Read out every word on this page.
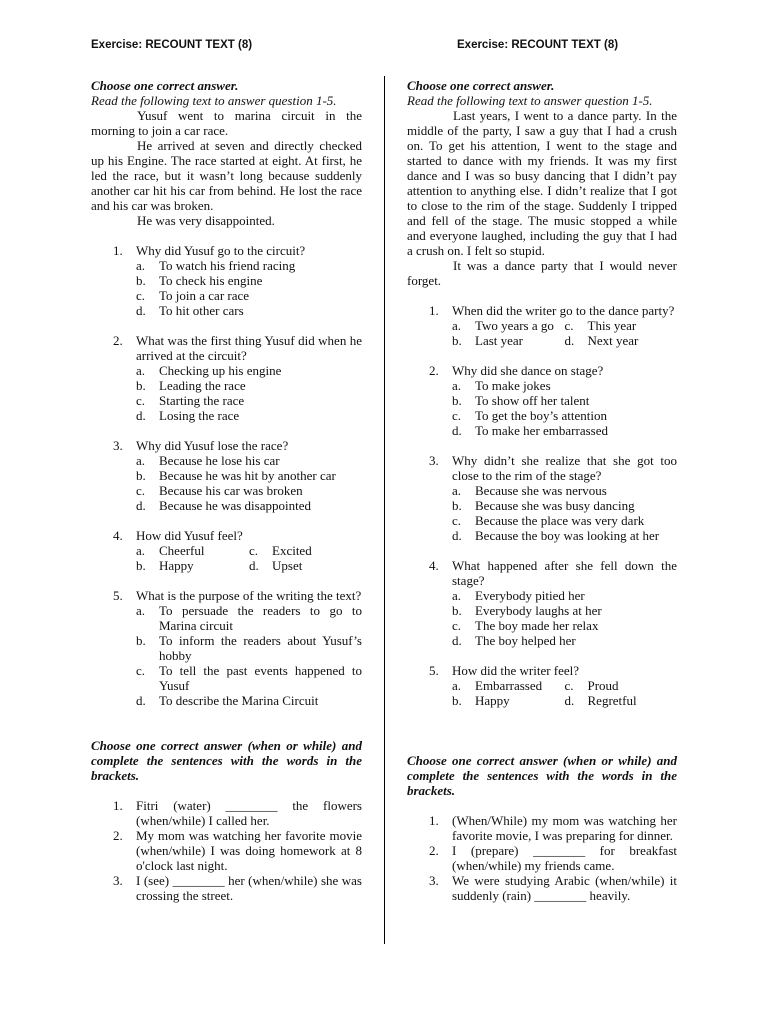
Exercise: RECOUNT TEXT (8)	Exercise: RECOUNT TEXT (8)

Choose one correct answer.

Read the following text to answer question 1-5.

Yusuf went to marina circuit in the morning to join a car race.

He arrived at seven and directly checked up his Engine. The race started at eight. At first, he led the race, but it wasn’t long because suddenly another car hit his car from behind. He lost the race and his car was broken.

He was very disappointed.

1. Why did Yusuf go to the circuit?
a. To watch his friend racing
b. To check his engine
c. To join a car race
d. To hit other cars
2. What was the first thing Yusuf did when he arrived at the circuit?
a. Checking up his engine
b. Leading the race
c. Starting the race
d. Losing the race
3. Why did Yusuf lose the race?
a. Because he lose his car
b. Because he was hit by another car
c. Because his car was broken
d. Because he was disappointed
4. How did Yusuf feel?
a. Cheerful	c. Excited
b. Happy	d. Upset
5. What is the purpose of the writing the text?
a. To persuade the readers to go to Marina circuit
b. To inform the readers about Yusuf’s hobby
c. To tell the past events happened to Yusuf
d. To describe the Marina Circuit

Choose one correct answer (when or while) and complete the sentences with the words in the brackets.

1. Fitri (water) ________ the flowers (when/while) I called her.
2. My mom was watching her favorite movie (when/while) I was doing homework at 8 o'clock last night.
3. I (see) ________ her (when/while) she was crossing the street.

Choose one correct answer.

Read the following text to answer question 1-5.

Last years, I went to a dance party. In the middle of the party, I saw a guy that I had a crush on. To get his attention, I went to the stage and started to dance with my friends. It was my first dance and I was so busy dancing that I didn’t pay attention to anything else. I didn’t realize that I got to close to the rim of the stage. Suddenly I tripped and fell of the stage. The music stopped a while and everyone laughed, including the guy that I had a crush on. I felt so stupid.

It was a dance party that I would never forget.

1. When did the writer go to the dance party?
a. Two years a go c. This year
b. Last year	d. Next year
2. Why did she dance on stage?
a. To make jokes
b. To show off her talent
c. To get the boy’s attention
d. To make her embarrassed
3. Why didn’t she realize that she got too close to the rim of the stage?
a. Because she was nervous
b. Because she was busy dancing
c. Because the place was very dark
d. Because the boy was looking at her
4. What happened after she fell down the stage?
a. Everybody pitied her
b. Everybody laughs at her
c. The boy made her relax
d. The boy helped her
5. How did the writer feel?
a. Embarrassed	c. Proud
b. Happy	d. Regretful

Choose one correct answer (when or while) and complete the sentences with the words in the brackets.

1. (When/While) my mom was watching her favorite movie, I was preparing for dinner.
2. I (prepare) ________ for breakfast (when/while) my friends came.
3. We were studying Arabic (when/while) it suddenly (rain) ________ heavily.
